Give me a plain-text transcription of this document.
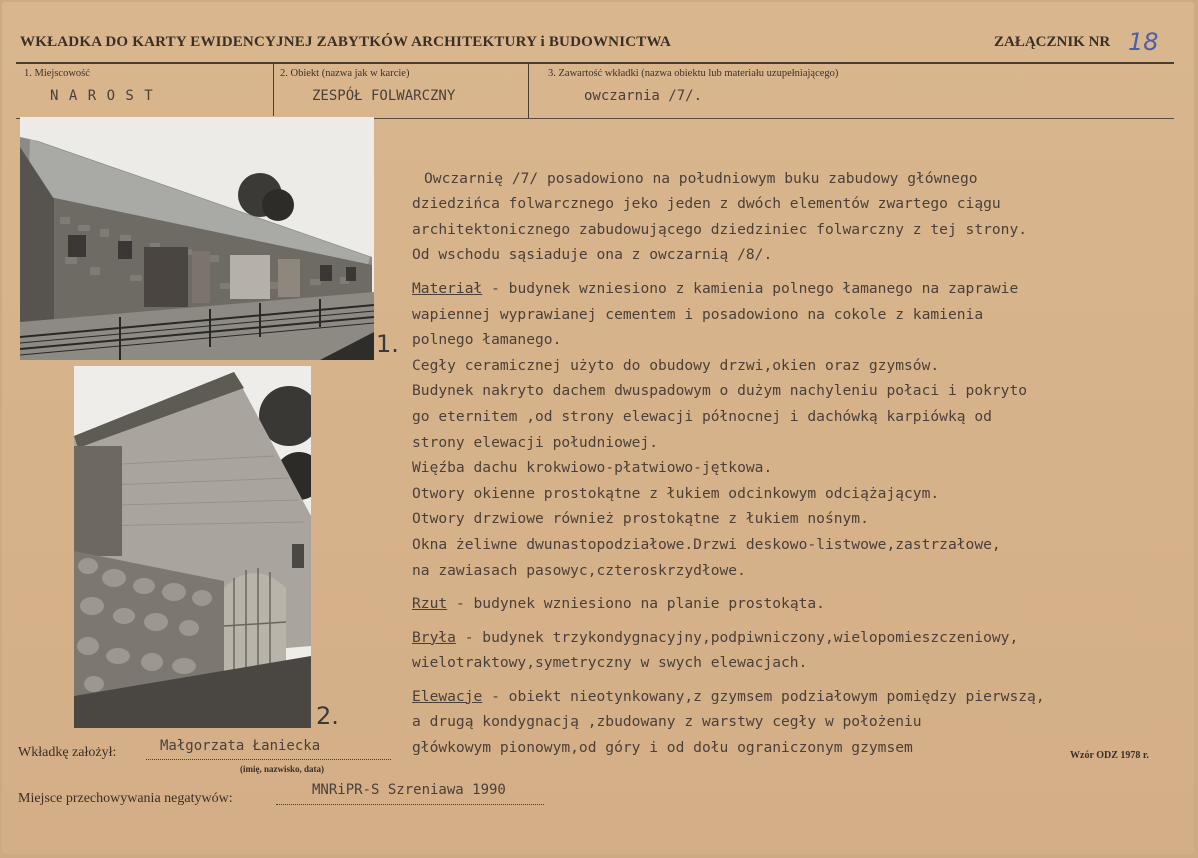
WKŁADKA DO KARTY EWIDENCYJNEJ ZABYTKÓW ARCHITEKTURY i BUDOWNICTWA	ZAŁĄCZNIK NR 18
1. Miejscowość
N A R O S T
2. Obiekt (nazwa jak w karcie)
ZESPÓŁ FOLWARCZNY
3. Zawartość wkładki (nazwa obiektu lub materiału uzupełniającego)
owczarnia /7/.
1.
2.

Owczarnię /7/ posadowiono na południowym buku zabudowy głównego
dziedzińca folwarcznego jeko jeden z dwóch elementów zwartego ciągu
architektonicznego zabudowującego dziedziniec folwarczny z tej strony.
Od wschodu sąsiaduje ona z owczarnią /8/.
Materiał - budynek wzniesiono z kamienia polnego łamanego na zaprawie
wapiennej wyprawianej cementem i posadowiono na cokole z kamienia
polnego łamanego.
Cegły ceramicznej użyto do obudowy drzwi,okien oraz gzymsów.
Budynek nakryto dachem dwuspadowym o dużym nachyleniu połaci i pokryto
go eternitem ,od strony elewacji północnej i dachówką karpiówką od
strony elewacji południowej.
Więźba dachu krokwiowo-płatwiowo-jętkowa.
Otwory okienne prostokątne z łukiem odcinkowym odciążającym.
Otwory drzwiowe również prostokątne z łukiem nośnym.
Okna żeliwne dwunastopodziałowe.Drzwi deskowo-listwowe,zastrzałowe,
na zawiasach pasowyc,czteroskrzydłowe.
Rzut - budynek wzniesiono na planie prostokąta.
Bryła - budynek trzykondygnacyjny,podpiwniczony,wielopomieszczeniowy,
wielotraktowy,symetryczny w swych elewacjach.
Elewacje - obiekt nieotynkowany,z gzymsem podziałowym pomiędzy pierwszą,
a drugą kondygnacją ,zbudowany z warstwy cegły w położeniu
główkowym pionowym,od góry i od dołu ograniczonym gzymsem

Wkładkę założył:	Małgorzata Łaniecka
(imię, nazwisko, data)
Miejsce przechowywania negatywów:
MNRiPR-S Szreniawa 1990
Wzór ODZ 1978 r.
